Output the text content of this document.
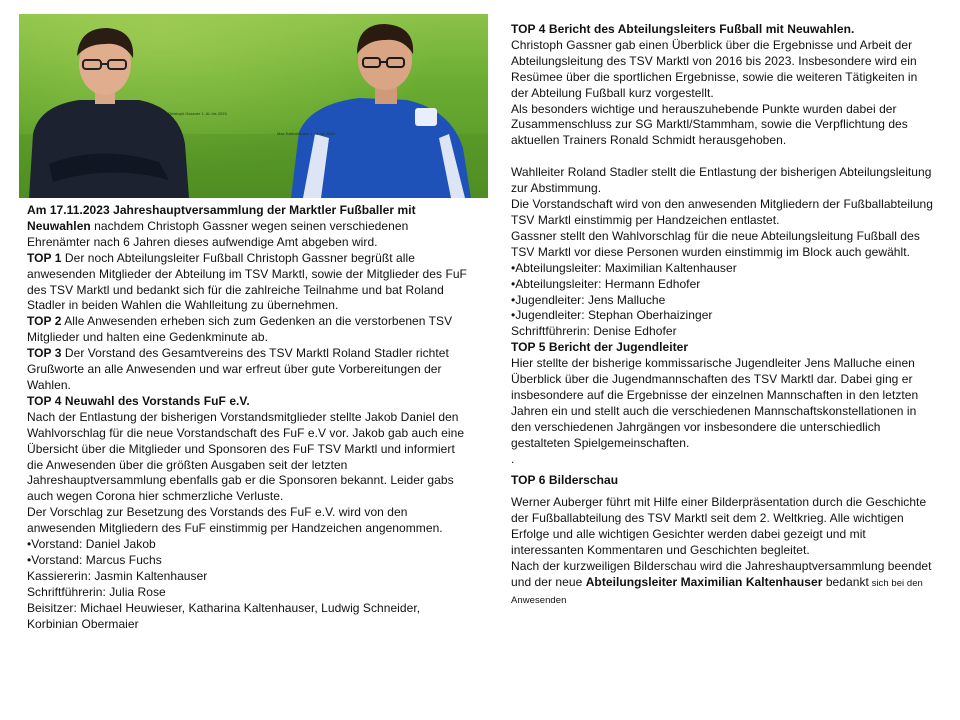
Christoph Gassner 1. AL bis 2023
Max Kaltenhauser 1. AL ab 2023

Am 17.11.2023 Jahreshauptversammlung der Marktler Fußballer mit Neuwahlen nachdem Christoph Gassner wegen seinen verschiedenen Ehrenämter nach 6 Jahren dieses aufwendige Amt abgeben wird.

TOP 1 Der noch Abteilungsleiter Fußball Christoph Gassner begrüßt alle anwesenden Mitglieder der Abteilung im TSV Marktl, sowie der Mitglieder des FuF des TSV Marktl und bedankt sich für die zahlreiche Teilnahme und bat Roland Stadler in beiden Wahlen die Wahlleitung zu übernehmen.

TOP 2 Alle Anwesenden erheben sich zum Gedenken an die verstorbenen TSV Mitglieder und halten eine Gedenkminute ab.

TOP 3 Der Vorstand des Gesamtvereins des TSV Marktl Roland Stadler richtet Grußworte an alle Anwesenden und war erfreut über gute Vorbereitungen der Wahlen.

TOP 4 Neuwahl des Vorstands FuF e.V.

Nach der Entlastung der bisherigen Vorstandsmitglieder stellte Jakob Daniel den Wahlvorschlag für die neue Vorstandschaft des FuF e.V vor. Jakob gab auch eine Übersicht über die Mitglieder und Sponsoren des FuF TSV Marktl und informiert die Anwesenden über die größten Ausgaben seit der letzten Jahreshauptversammlung ebenfalls gab er die Sponsoren bekannt. Leider gabs auch wegen Corona hier schmerzliche Verluste.

Der Vorschlag zur Besetzung des Vorstands des FuF e.V. wird von den anwesenden Mitgliedern des FuF einstimmig per Handzeichen angenommen.

•Vorstand: Daniel Jakob

•Vorstand: Marcus Fuchs

Kassiererin: Jasmin Kaltenhauser

Schriftführerin: Julia Rose

Beisitzer: Michael Heuwieser, Katharina Kaltenhauser, Ludwig Schneider, Korbinian Obermaier

TOP 4 Bericht des Abteilungsleiters Fußball mit Neuwahlen.

Christoph Gassner gab einen Überblick über die Ergebnisse und Arbeit der Abteilungsleitung des TSV Marktl von 2016 bis 2023. Insbesondere wird ein Resümee über die sportlichen Ergebnisse, sowie die weiteren Tätigkeiten in der Abteilung Fußball kurz vorgestellt.

Als besonders wichtige und herauszuhebende Punkte wurden dabei der Zusammenschluss zur SG Marktl/Stammham, sowie die Verpflichtung des aktuellen Trainers Ronald Schmidt herausgehoben.

Wahlleiter Roland Stadler stellt die Entlastung der bisherigen Abteilungsleitung zur Abstimmung.

Die Vorstandschaft wird von den anwesenden Mitgliedern der Fußballabteilung TSV Marktl einstimmig per Handzeichen entlastet.

Gassner stellt den Wahlvorschlag für die neue Abteilungsleitung Fußball des TSV Marktl vor diese Personen wurden einstimmig im Block auch gewählt.

•Abteilungsleiter: Maximilian Kaltenhauser

•Abteilungsleiter: Hermann Edhofer

•Jugendleiter: Jens Malluche

•Jugendleiter: Stephan Oberhaizinger

Schriftführerin: Denise Edhofer

TOP 5 Bericht der Jugendleiter

Hier stellte der bisherige kommissarische Jugendleiter Jens Malluche einen Überblick über die Jugendmannschaften des TSV Marktl dar. Dabei ging er insbesondere auf die Ergebnisse der einzelnen Mannschaften in den letzten Jahren ein und stellt auch die verschiedenen Mannschaftskonstellationen in den verschiedenen Jahrgängen vor insbesondere die unterschiedlich gestalteten Spielgemeinschaften.

.

TOP 6 Bilderschau

Werner Auberger führt mit Hilfe einer Bilderpräsentation durch die Geschichte der Fußballabteilung des TSV Marktl seit dem 2. Weltkrieg. Alle wichtigen Erfolge und alle wichtigen Gesichter werden dabei gezeigt und mit interessanten Kommentaren und Geschichten begleitet.

Nach der kurzweiligen Bilderschau wird die Jahreshauptversammlung beendet und der neue Abteilungsleiter Maximilian Kaltenhauser bedankt sich bei den Anwesenden
